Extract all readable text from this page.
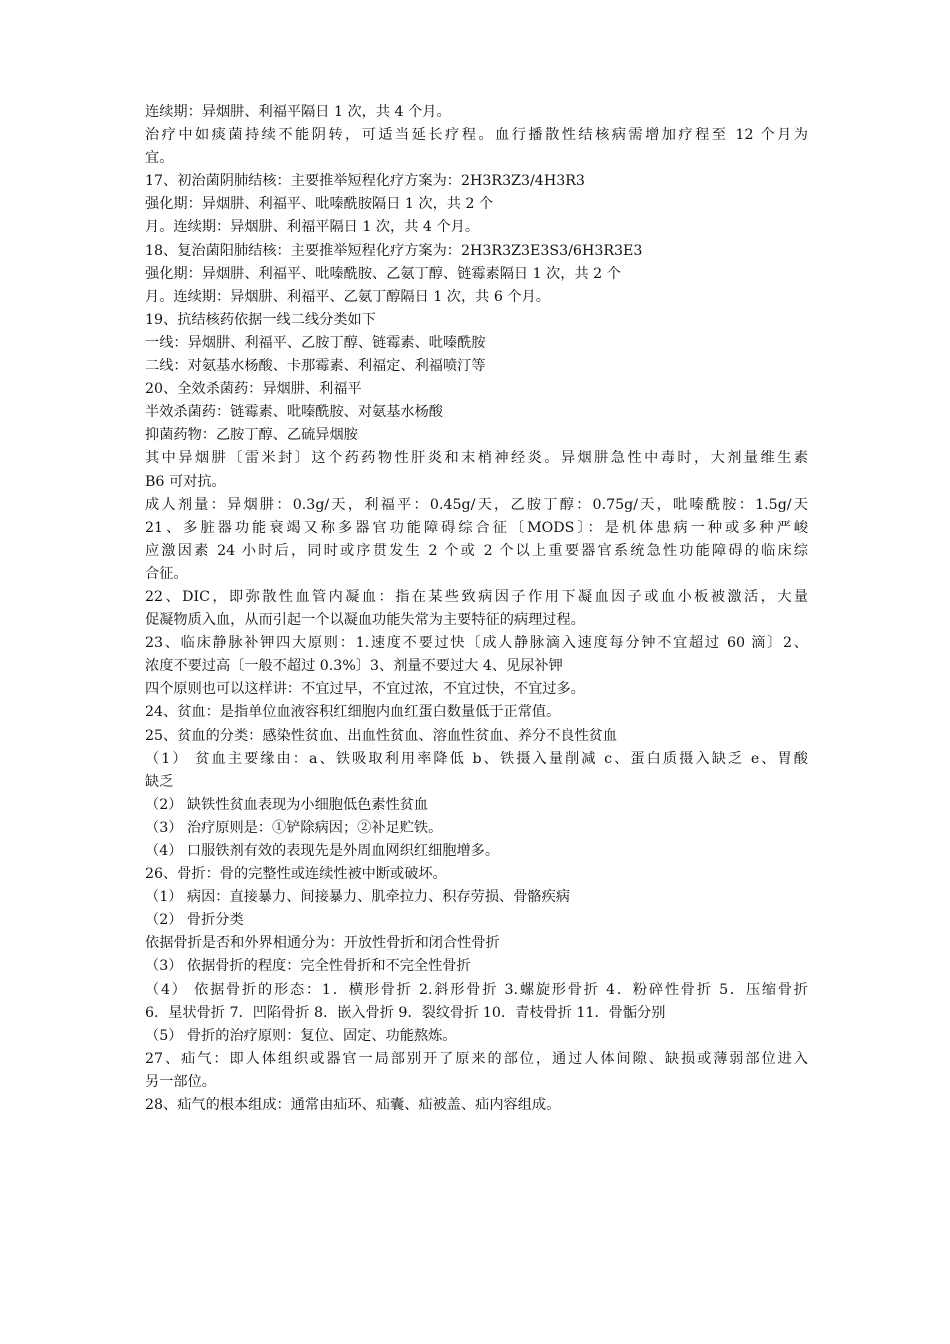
连续期：异烟肼、利福平隔日 1 次，共 4 个月。
治疗中如痰菌持续不能阴转，可适当延长疗程。血行播散性结核病需增加疗程至 12 个月为
宜。
17、初治菌阴肺结核：主要推举短程化疗方案为：2H3R3Z3/4H3R3
强化期：异烟肼、利福平、吡嗪酰胺隔日 1 次，共 2 个
月。连续期：异烟肼、利福平隔日 1 次，共 4 个月。
18、复治菌阳肺结核：主要推举短程化疗方案为：2H3R3Z3E3S3/6H3R3E3
强化期：异烟肼、利福平、吡嗪酰胺、乙氨丁醇、链霉素隔日 1 次，共 2 个
月。连续期：异烟肼、利福平、乙氨丁醇隔日 1 次，共 6 个月。
19、抗结核药依据一线二线分类如下
一线：异烟肼、利福平、乙胺丁醇、链霉素、吡嗪酰胺
二线：对氨基水杨酸、卡那霉素、利福定、利福喷汀等
20、全效杀菌药：异烟肼、利福平
半效杀菌药：链霉素、吡嗪酰胺、对氨基水杨酸
抑菌药物：乙胺丁醇、乙硫异烟胺
其中异烟肼〔雷米封〕这个药药物性肝炎和末梢神经炎。异烟肼急性中毒时，大剂量维生素
B6 可对抗。
成人剂量：异烟肼：0.3g/天，利福平：0.45g/天，乙胺丁醇：0.75g/天，吡嗪酰胺：1.5g/天
21、多脏器功能衰竭又称多器官功能障碍综合征〔MODS〕：是机体患病一种或多种严峻
应激因素 24 小时后，同时或序贯发生 2 个或 2 个以上重要器官系统急性功能障碍的临床综
合征。
22、DIC，即弥散性血管内凝血：指在某些致病因子作用下凝血因子或血小板被激活，大量
促凝物质入血，从而引起一个以凝血功能失常为主要特征的病理过程。
23、临床静脉补钾四大原则：1.速度不要过快〔成人静脉滴入速度每分钟不宜超过 60 滴〕2、
浓度不要过高〔一般不超过 0.3%〕3、剂量不要过大 4、见尿补钾
四个原则也可以这样讲：不宜过早，不宜过浓，不宜过快，不宜过多。
24、贫血：是指单位血液容积红细胞内血红蛋白数量低于正常值。
25、贫血的分类：感染性贫血、出血性贫血、溶血性贫血、养分不良性贫血
（1） 贫血主要缘由：a、铁吸取利用率降低 b、铁摄入量削减 c、蛋白质摄入缺乏 e、胃酸
缺乏
（2） 缺铁性贫血表现为小细胞低色素性贫血
（3） 治疗原则是：①铲除病因；②补足贮铁。
（4） 口服铁剂有效的表现先是外周血网织红细胞增多。
26、骨折：骨的完整性或连续性被中断或破坏。
（1） 病因：直接暴力、间接暴力、肌牵拉力、积存劳损、骨骼疾病
（2） 骨折分类
依据骨折是否和外界相通分为：开放性骨折和闭合性骨折
（3） 依据骨折的程度：完全性骨折和不完全性骨折
（4） 依据骨折的形态：1．横形骨折 2.斜形骨折 3.螺旋形骨折 4．粉碎性骨折 5．压缩骨折
6．星状骨折 7．凹陷骨折 8．嵌入骨折 9．裂纹骨折 10．青枝骨折 11．骨骺分别
（5） 骨折的治疗原则：复位、固定、功能熬炼。
27、疝气：即人体组织或器官一局部别开了原来的部位，通过人体间隙、缺损或薄弱部位进入
另一部位。
28、疝气的根本组成：通常由疝环、疝囊、疝被盖、疝内容组成。
